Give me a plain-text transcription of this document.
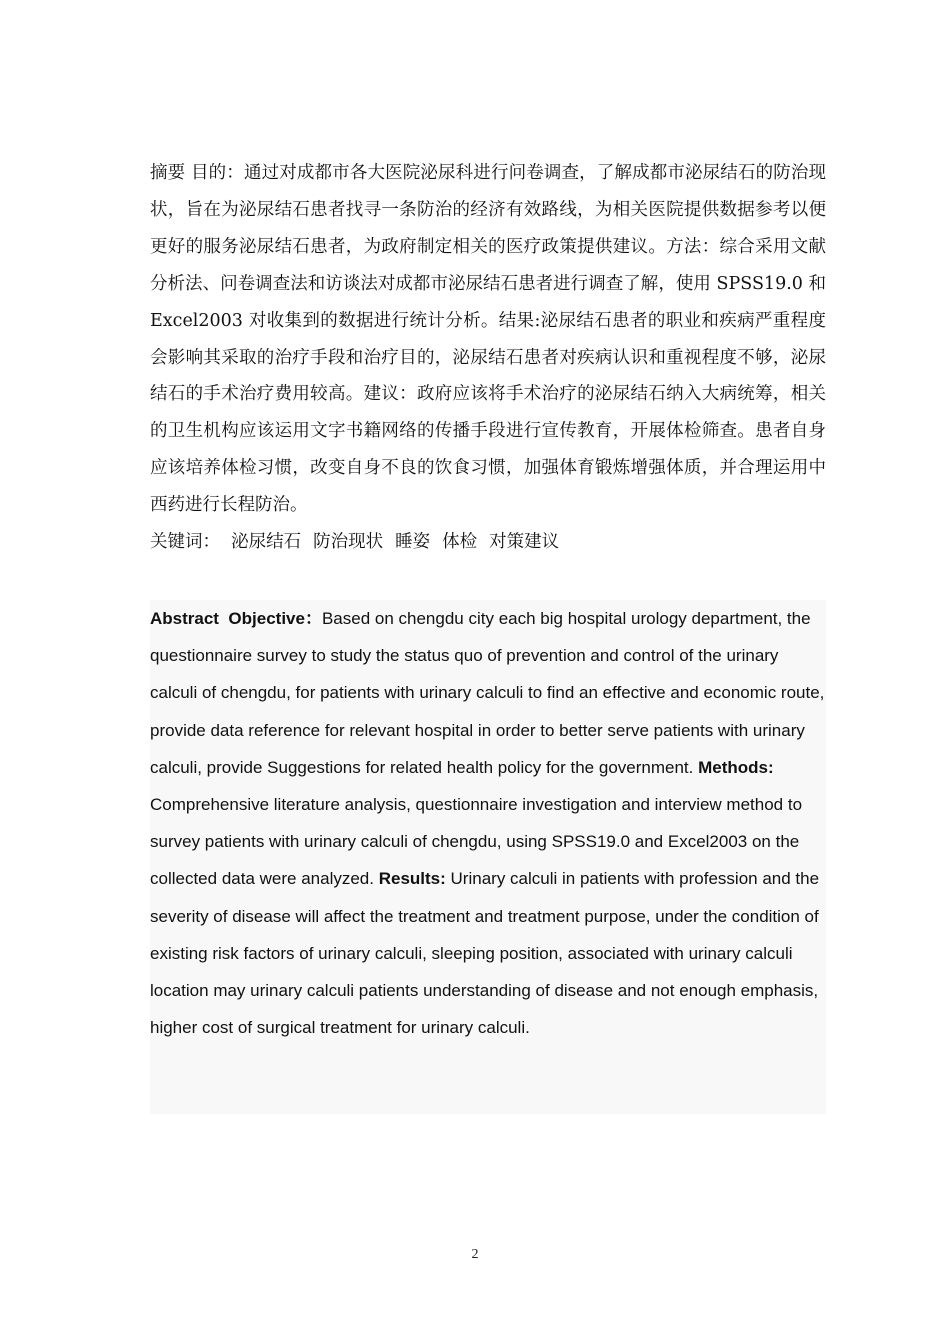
摘要 目的：通过对成都市各大医院泌尿科进行问卷调查，了解成都市泌尿结石的防治现状，旨在为泌尿结石患者找寻一条防治的经济有效路线，为相关医院提供数据参考以便更好的服务泌尿结石患者，为政府制定相关的医疗政策提供建议。方法：综合采用文献分析法、问卷调查法和访谈法对成都市泌尿结石患者进行调查了解，使用 SPSS19.0 和 Excel2003 对收集到的数据进行统计分析。结果:泌尿结石患者的职业和疾病严重程度会影响其采取的治疗手段和治疗目的，泌尿结石患者对疾病认识和重视程度不够，泌尿结石的手术治疗费用较高。建议：政府应该将手术治疗的泌尿结石纳入大病统筹，相关的卫生机构应该运用文字书籍网络的传播手段进行宣传教育，开展体检筛查。患者自身应该培养体检习惯，改变自身不良的饮食习惯，加强体育锻炼增强体质，并合理运用中西药进行长程防治。

关键词： 泌尿结石 防治现状 睡姿 体检 对策建议

Abstract Objective：Based on chengdu city each big hospital urology department, the questionnaire survey to study the status quo of prevention and control of the urinary calculi of chengdu, for patients with urinary calculi to find an effective and economic route, provide data reference for relevant hospital in order to better serve patients with urinary calculi, provide Suggestions for related health policy for the government. Methods: Comprehensive literature analysis, questionnaire investigation and interview method to survey patients with urinary calculi of chengdu, using SPSS19.0 and Excel2003 on the collected data were analyzed. Results: Urinary calculi in patients with profession and the severity of disease will affect the treatment and treatment purpose, under the condition of existing risk factors of urinary calculi, sleeping position, associated with urinary calculi location may urinary calculi patients understanding of disease and not enough emphasis, higher cost of surgical treatment for urinary calculi.

2
